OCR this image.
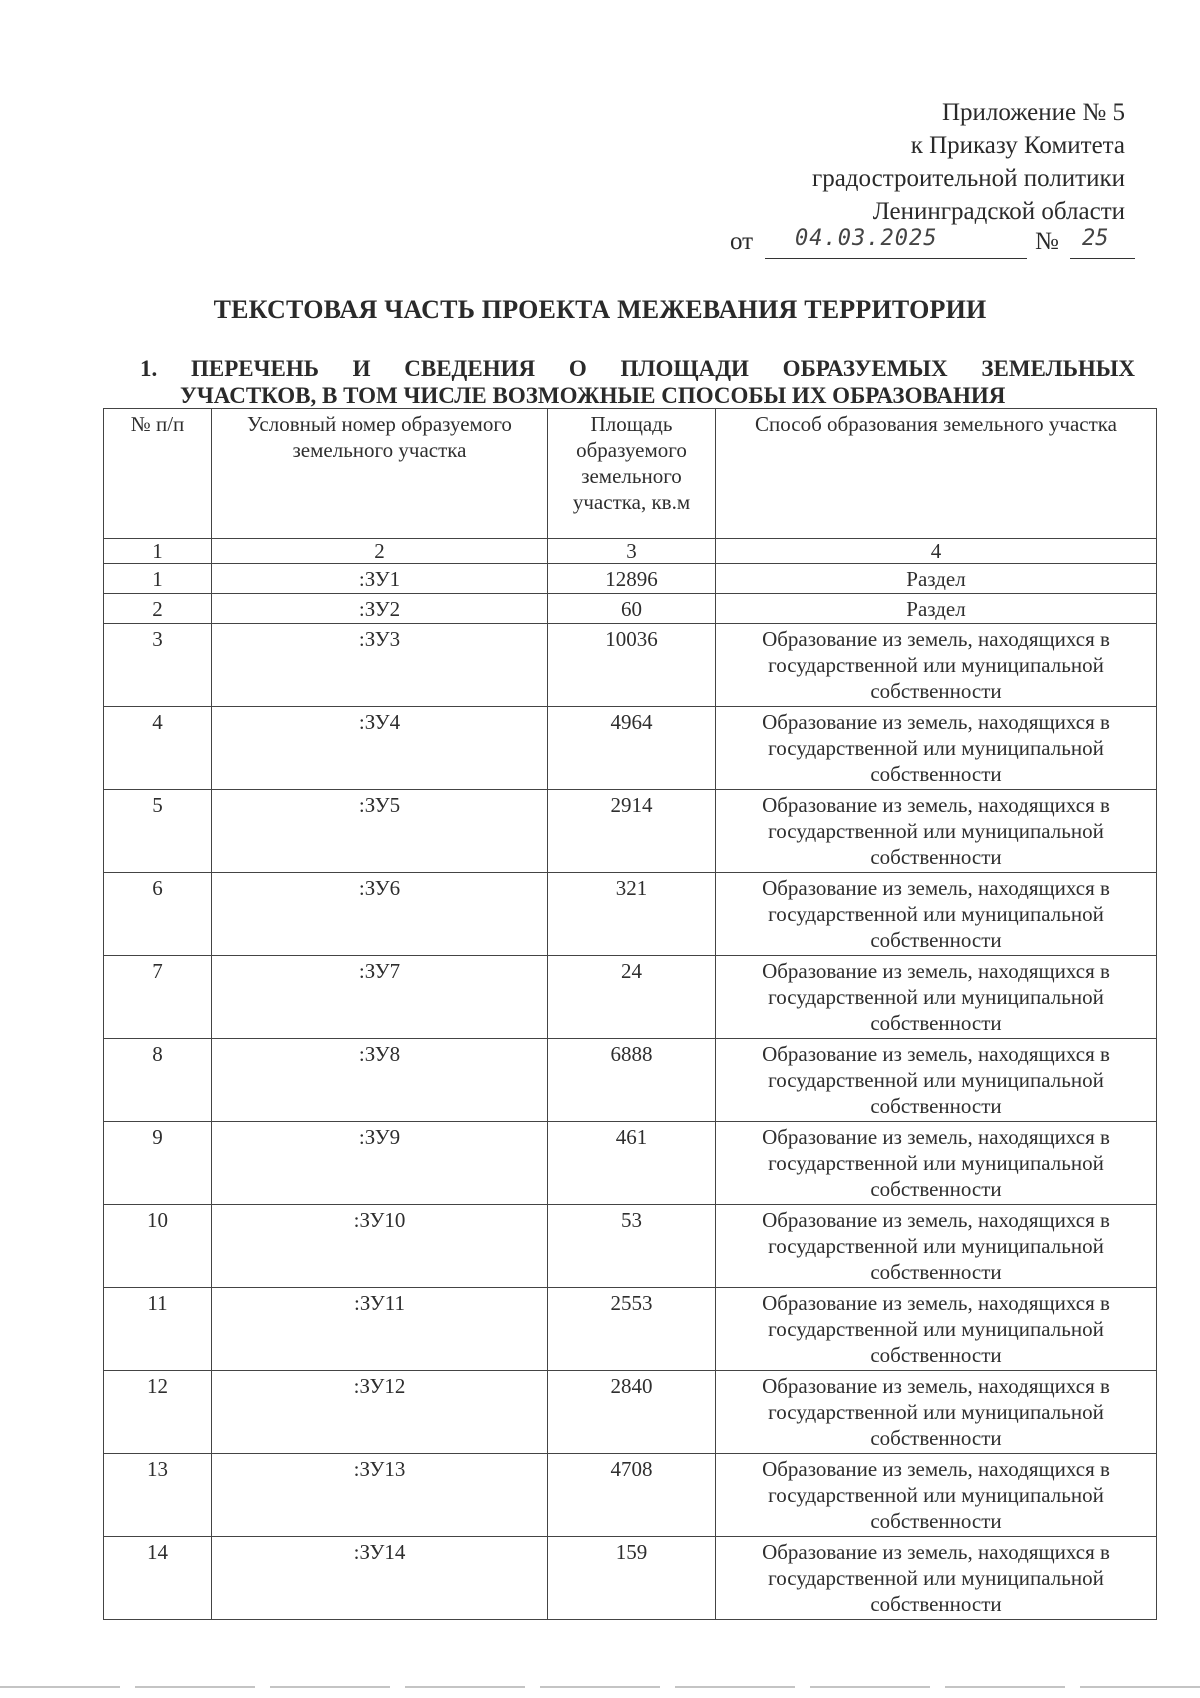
Приложение № 5
к Приказу Комитета
градостроительной политики
Ленинградской области
от 04.03.2025	№ 25
ТЕКСТОВАЯ ЧАСТЬ ПРОЕКТА МЕЖЕВАНИЯ ТЕРРИТОРИИ
1. ПЕРЕЧЕНЬ И СВЕДЕНИЯ О ПЛОЩАДИ ОБРАЗУЕМЫХ ЗЕМЕЛЬНЫХ
УЧАСТКОВ, В ТОМ ЧИСЛЕ ВОЗМОЖНЫЕ СПОСОБЫ ИХ ОБРАЗОВАНИЯ
№ п/п	Условный номер образуемого земельного участка	Площадь образуемого земельного участка, кв.м	Способ образования земельного участка
1	2	3	4
1	:ЗУ1	12896	Раздел
2	:ЗУ2	60	Раздел
3	:ЗУ3	10036	Образование из земель, находящихся в государственной или муниципальной собственности
4	:ЗУ4	4964	Образование из земель, находящихся в государственной или муниципальной собственности
5	:ЗУ5	2914	Образование из земель, находящихся в государственной или муниципальной собственности
6	:ЗУ6	321	Образование из земель, находящихся в государственной или муниципальной собственности
7	:ЗУ7	24	Образование из земель, находящихся в государственной или муниципальной собственности
8	:ЗУ8	6888	Образование из земель, находящихся в государственной или муниципальной собственности
9	:ЗУ9	461	Образование из земель, находящихся в государственной или муниципальной собственности
10	:ЗУ10	53	Образование из земель, находящихся в государственной или муниципальной собственности
11	:ЗУ11	2553	Образование из земель, находящихся в государственной или муниципальной собственности
12	:ЗУ12	2840	Образование из земель, находящихся в государственной или муниципальной собственности
13	:ЗУ13	4708	Образование из земель, находящихся в государственной или муниципальной собственности
14	:ЗУ14	159	Образование из земель, находящихся в государственной или муниципальной собственности
